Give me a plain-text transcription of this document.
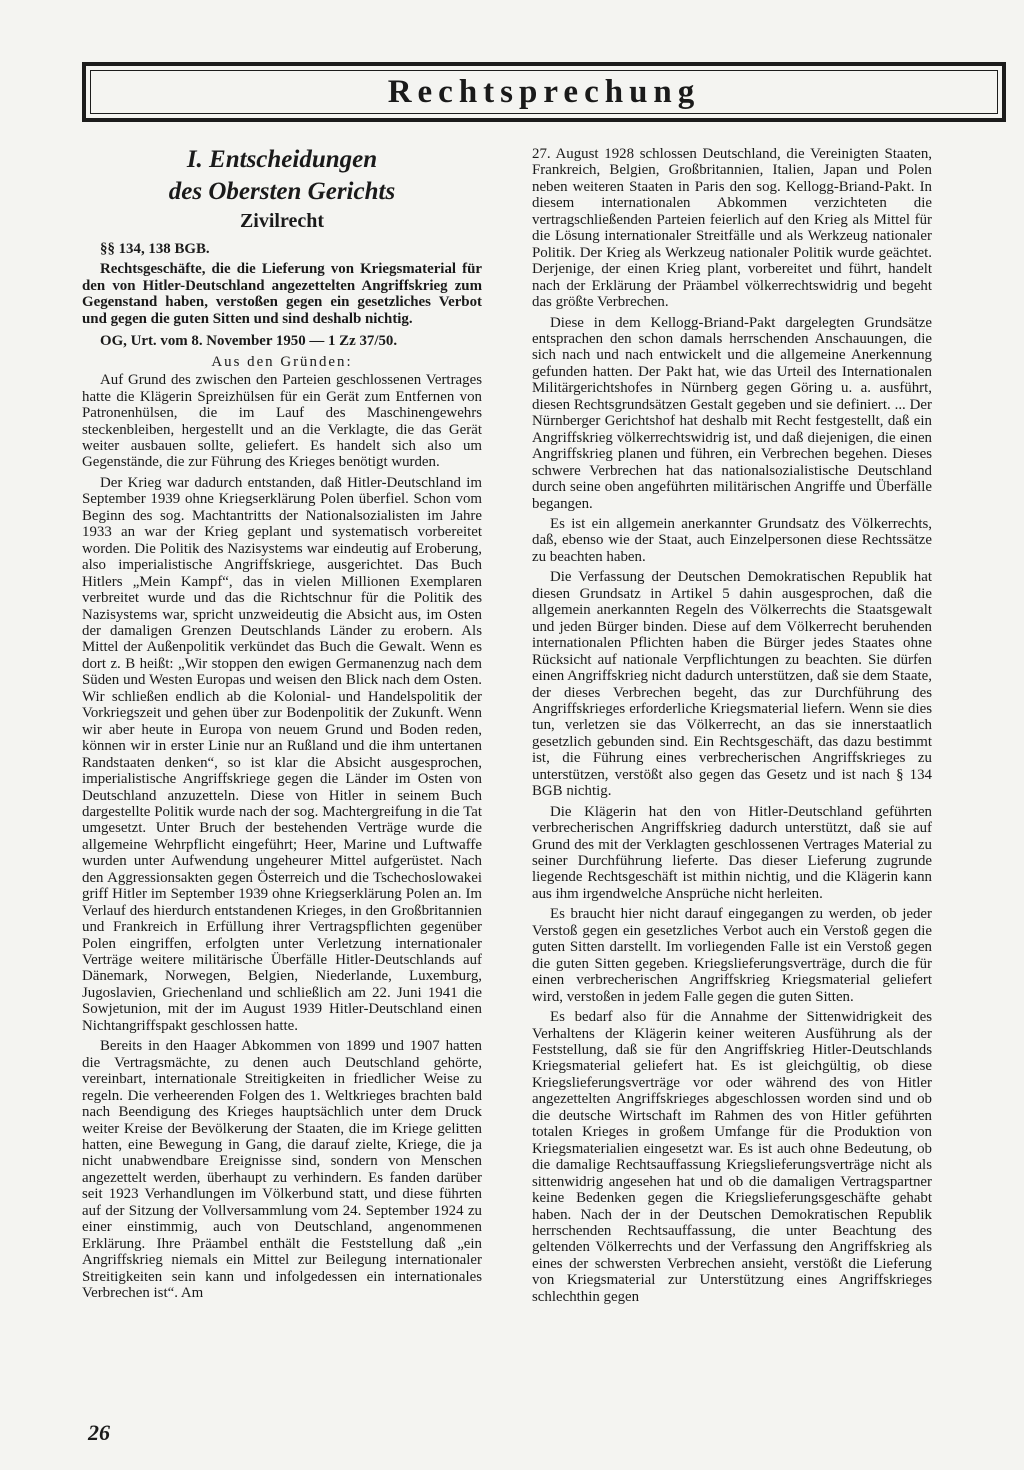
Rechtsprechung
I. Entscheidungen
des Obersten Gerichts
Zivilrecht
§§ 134, 138 BGB.
Rechtsgeschäfte, die die Lieferung von Kriegsmaterial für den von Hitler-Deutschland angezettelten Angriffskrieg zum Gegenstand haben, verstoßen gegen ein gesetzliches Verbot und gegen die guten Sitten und sind deshalb nichtig.
OG, Urt. vom 8. November 1950 — 1 Zz 37/50.
Aus den Gründen:

Auf Grund des zwischen den Parteien geschlossenen Vertrages hatte die Klägerin Spreizhülsen für ein Gerät zum Entfernen von Patronenhülsen, die im Lauf des Maschinengewehrs steckenbleiben, hergestellt und an die Verklagte, die das Gerät weiter ausbauen sollte, geliefert. Es handelt sich also um Gegenstände, die zur Führung des Krieges benötigt wurden.

Der Krieg war dadurch entstanden, daß Hitler-Deutschland im September 1939 ohne Kriegserklärung Polen überfiel. Schon vom Beginn des sog. Machtantritts der Nationalsozialisten im Jahre 1933 an war der Krieg geplant und systematisch vorbereitet worden. Die Politik des Nazisystems war eindeutig auf Eroberung, also imperialistische Angriffskriege, ausgerichtet. Das Buch Hitlers „Mein Kampf“, das in vielen Millionen Exemplaren verbreitet wurde und das die Richtschnur für die Politik des Nazisystems war, spricht unzweideutig die Absicht aus, im Osten der damaligen Grenzen Deutschlands Länder zu erobern. Als Mittel der Außenpolitik verkündet das Buch die Gewalt. Wenn es dort z. B heißt: „Wir stoppen den ewigen Germanenzug nach dem Süden und Westen Europas und weisen den Blick nach dem Osten. Wir schließen endlich ab die Kolonial- und Handelspolitik der Vorkriegszeit und gehen über zur Bodenpolitik der Zukunft. Wenn wir aber heute in Europa von neuem Grund und Boden reden, können wir in erster Linie nur an Rußland und die ihm untertanen Randstaaten denken“, so ist klar die Absicht ausgesprochen, imperialistische Angriffskriege gegen die Länder im Osten von Deutschland anzuzetteln. Diese von Hitler in seinem Buch dargestellte Politik wurde nach der sog. Machtergreifung in die Tat umgesetzt. Unter Bruch der bestehenden Verträge wurde die allgemeine Wehrpflicht eingeführt; Heer, Marine und Luftwaffe wurden unter Aufwendung ungeheurer Mittel aufgerüstet. Nach den Aggressionsakten gegen Österreich und die Tschechoslowakei griff Hitler im September 1939 ohne Kriegserklärung Polen an. Im Verlauf des hierdurch entstandenen Krieges, in den Großbritannien und Frankreich in Erfüllung ihrer Vertragspflichten gegenüber Polen eingriffen, erfolgten unter Verletzung internationaler Verträge weitere militärische Überfälle Hitler-Deutschlands auf Dänemark, Norwegen, Belgien, Niederlande, Luxemburg, Jugoslavien, Griechenland und schließlich am 22. Juni 1941 die Sowjetunion, mit der im August 1939 Hitler-Deutschland einen Nichtangriffspakt geschlossen hatte.

Bereits in den Haager Abkommen von 1899 und 1907 hatten die Vertragsmächte, zu denen auch Deutschland gehörte, vereinbart, internationale Streitigkeiten in friedlicher Weise zu regeln. Die verheerenden Folgen des 1. Weltkrieges brachten bald nach Beendigung des Krieges hauptsächlich unter dem Druck weiter Kreise der Bevölkerung der Staaten, die im Kriege gelitten hatten, eine Bewegung in Gang, die darauf zielte, Kriege, die ja nicht unabwendbare Ereignisse sind, sondern von Menschen angezettelt werden, überhaupt zu verhindern. Es fanden darüber seit 1923 Verhandlungen im Völkerbund statt, und diese führten auf der Sitzung der Vollversammlung vom 24. September 1924 zu einer einstimmig, auch von Deutschland, angenommenen Erklärung. Ihre Präambel enthält die Feststellung daß „ein Angriffskrieg niemals ein Mittel zur Beilegung internationaler Streitigkeiten sein kann und infolgedessen ein internationales Verbrechen ist“. Am

27. August 1928 schlossen Deutschland, die Vereinigten Staaten, Frankreich, Belgien, Großbritannien, Italien, Japan und Polen neben weiteren Staaten in Paris den sog. Kellogg-Briand-Pakt. In diesem internationalen Abkommen verzichteten die vertragschließenden Parteien feierlich auf den Krieg als Mittel für die Lösung internationaler Streitfälle und als Werkzeug nationaler Politik. Der Krieg als Werkzeug nationaler Politik wurde geächtet. Derjenige, der einen Krieg plant, vorbereitet und führt, handelt nach der Erklärung der Präambel völkerrechtswidrig und begeht das größte Verbrechen.

Diese in dem Kellogg-Briand-Pakt dargelegten Grundsätze entsprachen den schon damals herrschenden Anschauungen, die sich nach und nach entwickelt und die allgemeine Anerkennung gefunden hatten. Der Pakt hat, wie das Urteil des Internationalen Militärgerichtshofes in Nürnberg gegen Göring u. a. ausführt, diesen Rechtsgrundsätzen Gestalt gegeben und sie definiert. ... Der Nürnberger Gerichtshof hat deshalb mit Recht festgestellt, daß ein Angriffskrieg völkerrechtswidrig ist, und daß diejenigen, die einen Angriffskrieg planen und führen, ein Verbrechen begehen. Dieses schwere Verbrechen hat das nationalsozialistische Deutschland durch seine oben angeführten militärischen Angriffe und Überfälle begangen.

Es ist ein allgemein anerkannter Grundsatz des Völkerrechts, daß, ebenso wie der Staat, auch Einzelpersonen diese Rechtssätze zu beachten haben.

Die Verfassung der Deutschen Demokratischen Republik hat diesen Grundsatz in Artikel 5 dahin ausgesprochen, daß die allgemein anerkannten Regeln des Völkerrechts die Staatsgewalt und jeden Bürger binden. Diese auf dem Völkerrecht beruhenden internationalen Pflichten haben die Bürger jedes Staates ohne Rücksicht auf nationale Verpflichtungen zu beachten. Sie dürfen einen Angriffskrieg nicht dadurch unterstützen, daß sie dem Staate, der dieses Verbrechen begeht, das zur Durchführung des Angriffskrieges erforderliche Kriegsmaterial liefern. Wenn sie dies tun, verletzen sie das Völkerrecht, an das sie innerstaatlich gesetzlich gebunden sind. Ein Rechtsgeschäft, das dazu bestimmt ist, die Führung eines verbrecherischen Angriffskrieges zu unterstützen, verstößt also gegen das Gesetz und ist nach § 134 BGB nichtig.

Die Klägerin hat den von Hitler-Deutschland geführten verbrecherischen Angriffskrieg dadurch unterstützt, daß sie auf Grund des mit der Verklagten geschlossenen Vertrages Material zu seiner Durchführung lieferte. Das dieser Lieferung zugrunde liegende Rechtsgeschäft ist mithin nichtig, und die Klägerin kann aus ihm irgendwelche Ansprüche nicht herleiten.

Es braucht hier nicht darauf eingegangen zu werden, ob jeder Verstoß gegen ein gesetzliches Verbot auch ein Verstoß gegen die guten Sitten darstellt. Im vorliegenden Falle ist ein Verstoß gegen die guten Sitten gegeben. Kriegslieferungsverträge, durch die für einen verbrecherischen Angriffskrieg Kriegsmaterial geliefert wird, verstoßen in jedem Falle gegen die guten Sitten.

Es bedarf also für die Annahme der Sittenwidrigkeit des Verhaltens der Klägerin keiner weiteren Ausführung als der Feststellung, daß sie für den Angriffskrieg Hitler-Deutschlands Kriegsmaterial geliefert hat. Es ist gleichgültig, ob diese Kriegslieferungsverträge vor oder während des von Hitler angezettelten Angriffskrieges abgeschlossen worden sind und ob die deutsche Wirtschaft im Rahmen des von Hitler geführten totalen Krieges in großem Umfange für die Produktion von Kriegsmaterialien eingesetzt war. Es ist auch ohne Bedeutung, ob die damalige Rechtsauffassung Kriegslieferungsverträge nicht als sittenwidrig angesehen hat und ob die damaligen Vertragspartner keine Bedenken gegen die Kriegslieferungsgeschäfte gehabt haben. Nach der in der Deutschen Demokratischen Republik herrschenden Rechtsauffassung, die unter Beachtung des geltenden Völkerrechts und der Verfassung den Angriffskrieg als eines der schwersten Verbrechen ansieht, verstößt die Lieferung von Kriegsmaterial zur Unterstützung eines Angriffskrieges schlechthin gegen

26
